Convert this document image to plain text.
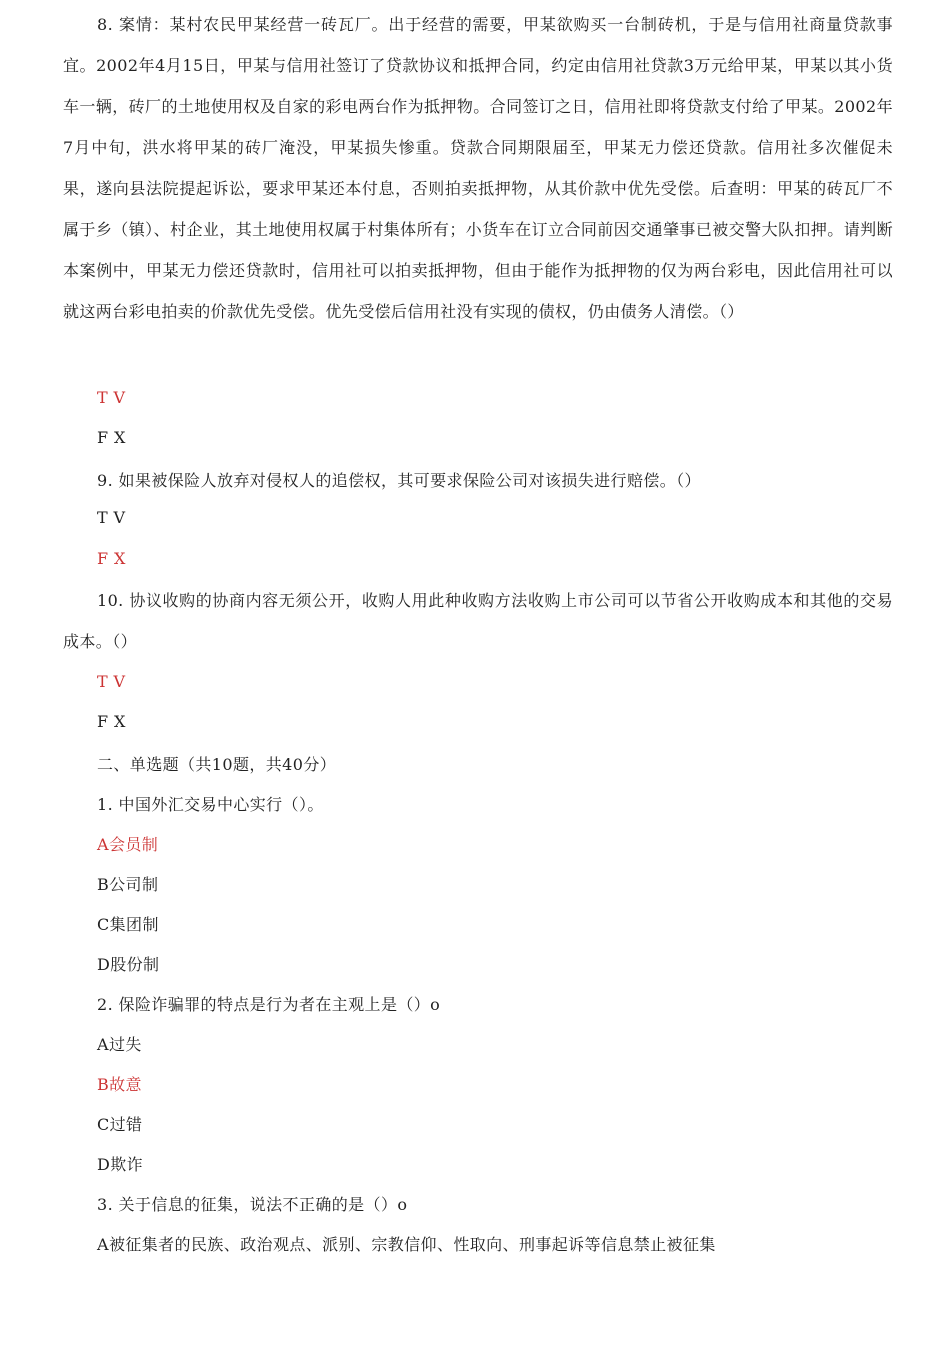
8. 案情：某村农民甲某经营一砖瓦厂。出于经营的需要，甲某欲购买一台制砖机，于是与信用社商量贷款事宜。2002年4月15日，甲某与信用社签订了贷款协议和抵押合同，约定由信用社贷款3万元给甲某，甲某以其小货车一辆，砖厂的土地使用权及自家的彩电两台作为抵押物。合同签订之日，信用社即将贷款支付给了甲某。2002年7月中旬，洪水将甲某的砖厂淹没，甲某损失惨重。贷款合同期限届至，甲某无力偿还贷款。信用社多次催促未果，遂向县法院提起诉讼，要求甲某还本付息，否则拍卖抵押物，从其价款中优先受偿。后查明：甲某的砖瓦厂不属于乡（镇）、村企业，其土地使用权属于村集体所有；小货车在订立合同前因交通肇事已被交警大队扣押。请判断本案例中，甲某无力偿还贷款时，信用社可以拍卖抵押物，但由于能作为抵押物的仅为两台彩电，因此信用社可以就这两台彩电拍卖的价款优先受偿。优先受偿后信用社没有实现的债权，仍由债务人清偿。（）
T V
F X
9. 如果被保险人放弃对侵权人的追偿权，其可要求保险公司对该损失进行赔偿。（）
T V
F X
10. 协议收购的协商内容无须公开，收购人用此种收购方法收购上市公司可以节省公开收购成本和其他的交易成本。（）
T V
F X
二、单选题（共10题，共40分）
1. 中国外汇交易中心实行（）。
A会员制
B公司制
C集团制
D股份制
2. 保险诈骗罪的特点是行为者在主观上是（）o
A过失
B故意
C过错
D欺诈
3. 关于信息的征集，说法不正确的是（）o
A被征集者的民族、政治观点、派别、宗教信仰、性取向、刑事起诉等信息禁止被征集
